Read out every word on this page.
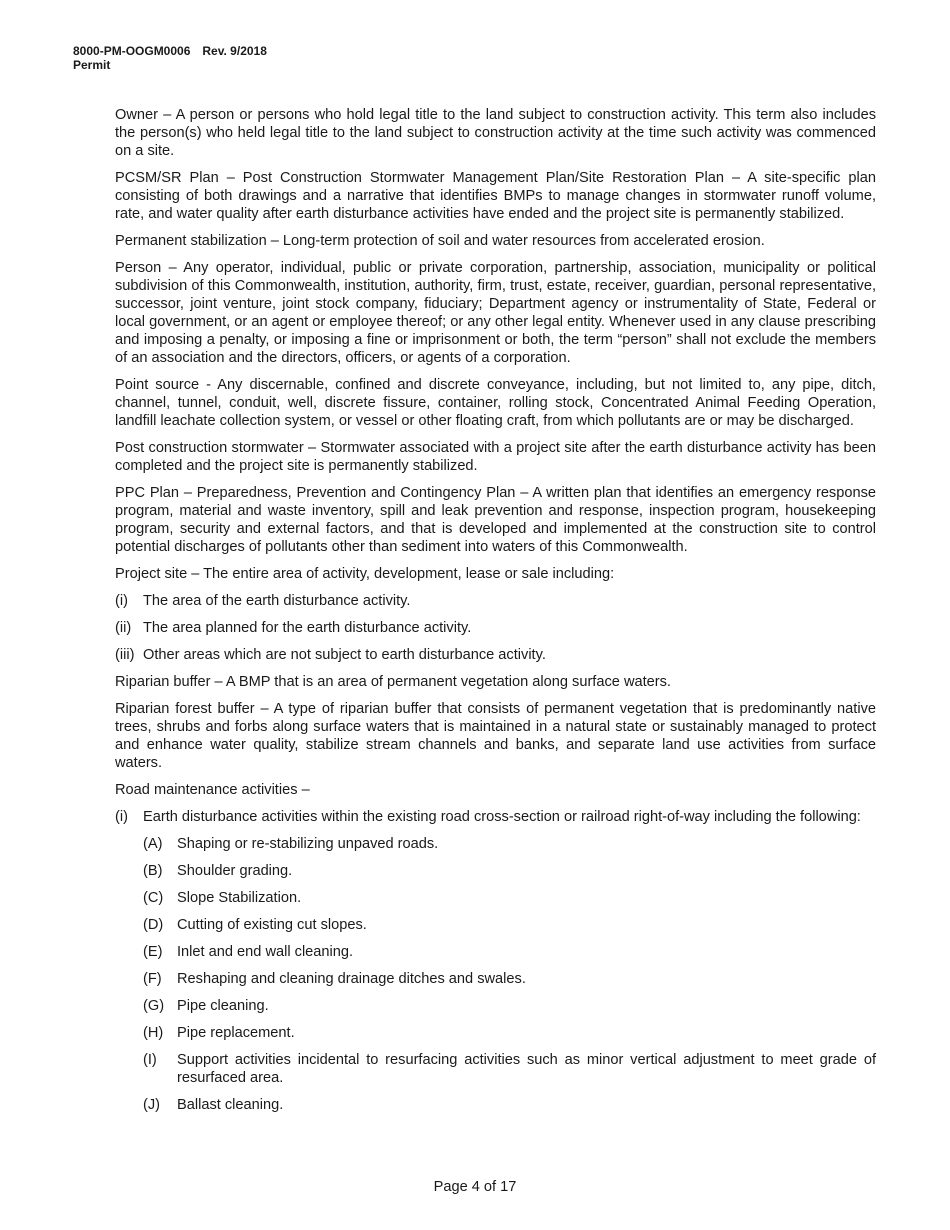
8000-PM-OOGM0006 Rev. 9/2018
Permit

Owner – A person or persons who hold legal title to the land subject to construction activity. This term also includes the person(s) who held legal title to the land subject to construction activity at the time such activity was commenced on a site.

PCSM/SR Plan – Post Construction Stormwater Management Plan/Site Restoration Plan – A site-specific plan consisting of both drawings and a narrative that identifies BMPs to manage changes in stormwater runoff volume, rate, and water quality after earth disturbance activities have ended and the project site is permanently stabilized.

Permanent stabilization – Long-term protection of soil and water resources from accelerated erosion.

Person – Any operator, individual, public or private corporation, partnership, association, municipality or political subdivision of this Commonwealth, institution, authority, firm, trust, estate, receiver, guardian, personal representative, successor, joint venture, joint stock company, fiduciary; Department agency or instrumentality of State, Federal or local government, or an agent or employee thereof; or any other legal entity. Whenever used in any clause prescribing and imposing a penalty, or imposing a fine or imprisonment or both, the term “person” shall not exclude the members of an association and the directors, officers, or agents of a corporation.

Point source - Any discernable, confined and discrete conveyance, including, but not limited to, any pipe, ditch, channel, tunnel, conduit, well, discrete fissure, container, rolling stock, Concentrated Animal Feeding Operation, landfill leachate collection system, or vessel or other floating craft, from which pollutants are or may be discharged.

Post construction stormwater – Stormwater associated with a project site after the earth disturbance activity has been completed and the project site is permanently stabilized.

PPC Plan – Preparedness, Prevention and Contingency Plan – A written plan that identifies an emergency response program, material and waste inventory, spill and leak prevention and response, inspection program, housekeeping program, security and external factors, and that is developed and implemented at the construction site to control potential discharges of pollutants other than sediment into waters of this Commonwealth.

Project site – The entire area of activity, development, lease or sale including:

(i)	The area of the earth disturbance activity.
(ii) The area planned for the earth disturbance activity.
(iii) Other areas which are not subject to earth disturbance activity.

Riparian buffer – A BMP that is an area of permanent vegetation along surface waters.

Riparian forest buffer – A type of riparian buffer that consists of permanent vegetation that is predominantly native trees, shrubs and forbs along surface waters that is maintained in a natural state or sustainably managed to protect and enhance water quality, stabilize stream channels and banks, and separate land use activities from surface waters.

Road maintenance activities –

(i)	Earth disturbance activities within the existing road cross-section or railroad right-of-way including the following:
(A) Shaping or re-stabilizing unpaved roads.
(B) Shoulder grading.
(C) Slope Stabilization.
(D) Cutting of existing cut slopes.
(E) Inlet and end wall cleaning.
(F)	Reshaping and cleaning drainage ditches and swales.
(G) Pipe cleaning.
(H) Pipe replacement.
(I)	Support activities incidental to resurfacing activities such as minor vertical adjustment to meet grade of resurfaced area.
(J)	Ballast cleaning.
Page 4 of 17
